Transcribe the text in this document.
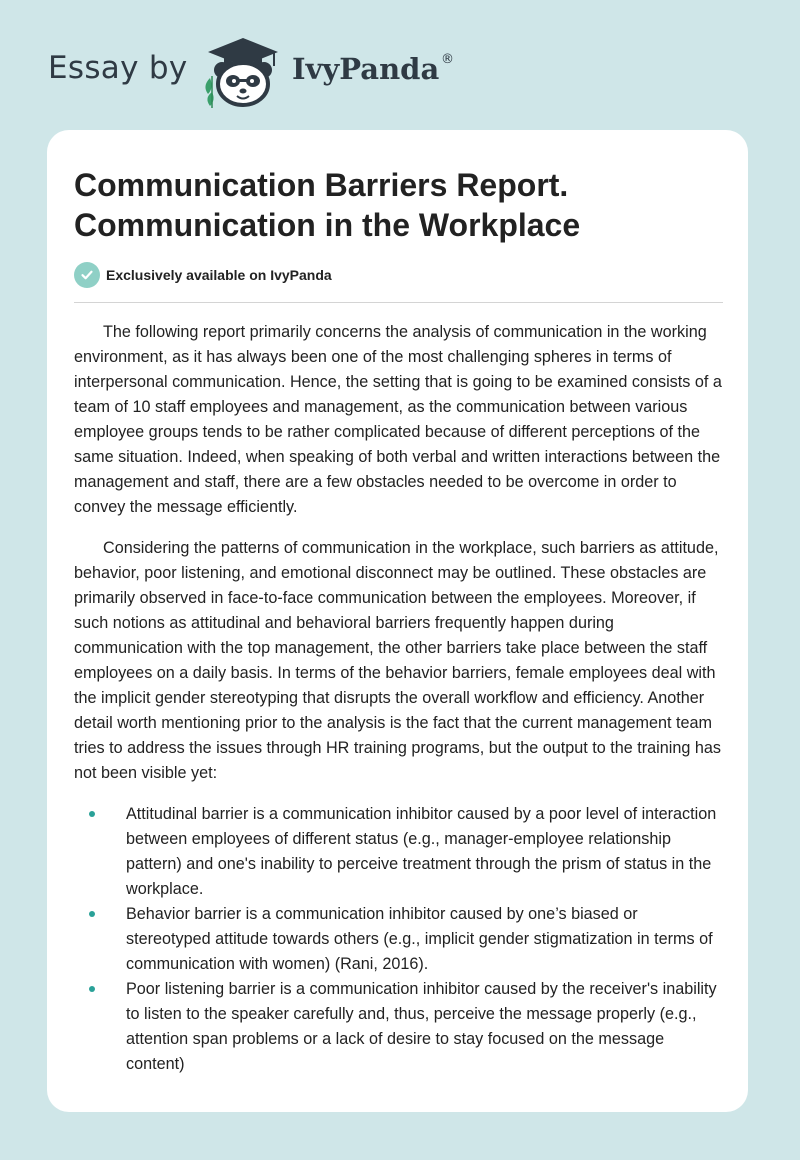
Essay by	IvyPanda ®
Communication Barriers Report. Communication in the Workplace
Exclusively available on IvyPanda

The following report primarily concerns the analysis of communication in the working environment, as it has always been one of the most challenging spheres in terms of interpersonal communication. Hence, the setting that is going to be examined consists of a team of 10 staff employees and management, as the communication between various employee groups tends to be rather complicated because of different perceptions of the same situation. Indeed, when speaking of both verbal and written interactions between the management and staff, there are a few obstacles needed to be overcome in order to convey the message efficiently.

Considering the patterns of communication in the workplace, such barriers as attitude, behavior, poor listening, and emotional disconnect may be outlined. These obstacles are primarily observed in face-to-face communication between the employees. Moreover, if such notions as attitudinal and behavioral barriers frequently happen during communication with the top management, the other barriers take place between the staff employees on a daily basis. In terms of the behavior barriers, female employees deal with the implicit gender stereotyping that disrupts the overall workflow and efficiency. Another detail worth mentioning prior to the analysis is the fact that the current management team tries to address the issues through HR training programs, but the output to the training has not been visible yet:

Attitudinal barrier is a communication inhibitor caused by a poor level of interaction between employees of different status (e.g., manager-employee relationship pattern) and one's inability to perceive treatment through the prism of status in the workplace.
Behavior barrier is a communication inhibitor caused by one’s biased or stereotyped attitude towards others (e.g., implicit gender stigmatization in terms of communication with women) (Rani, 2016).
Poor listening barrier is a communication inhibitor caused by the receiver's inability to listen to the speaker carefully and, thus, perceive the message properly (e.g., attention span problems or a lack of desire to stay focused on the message content)
